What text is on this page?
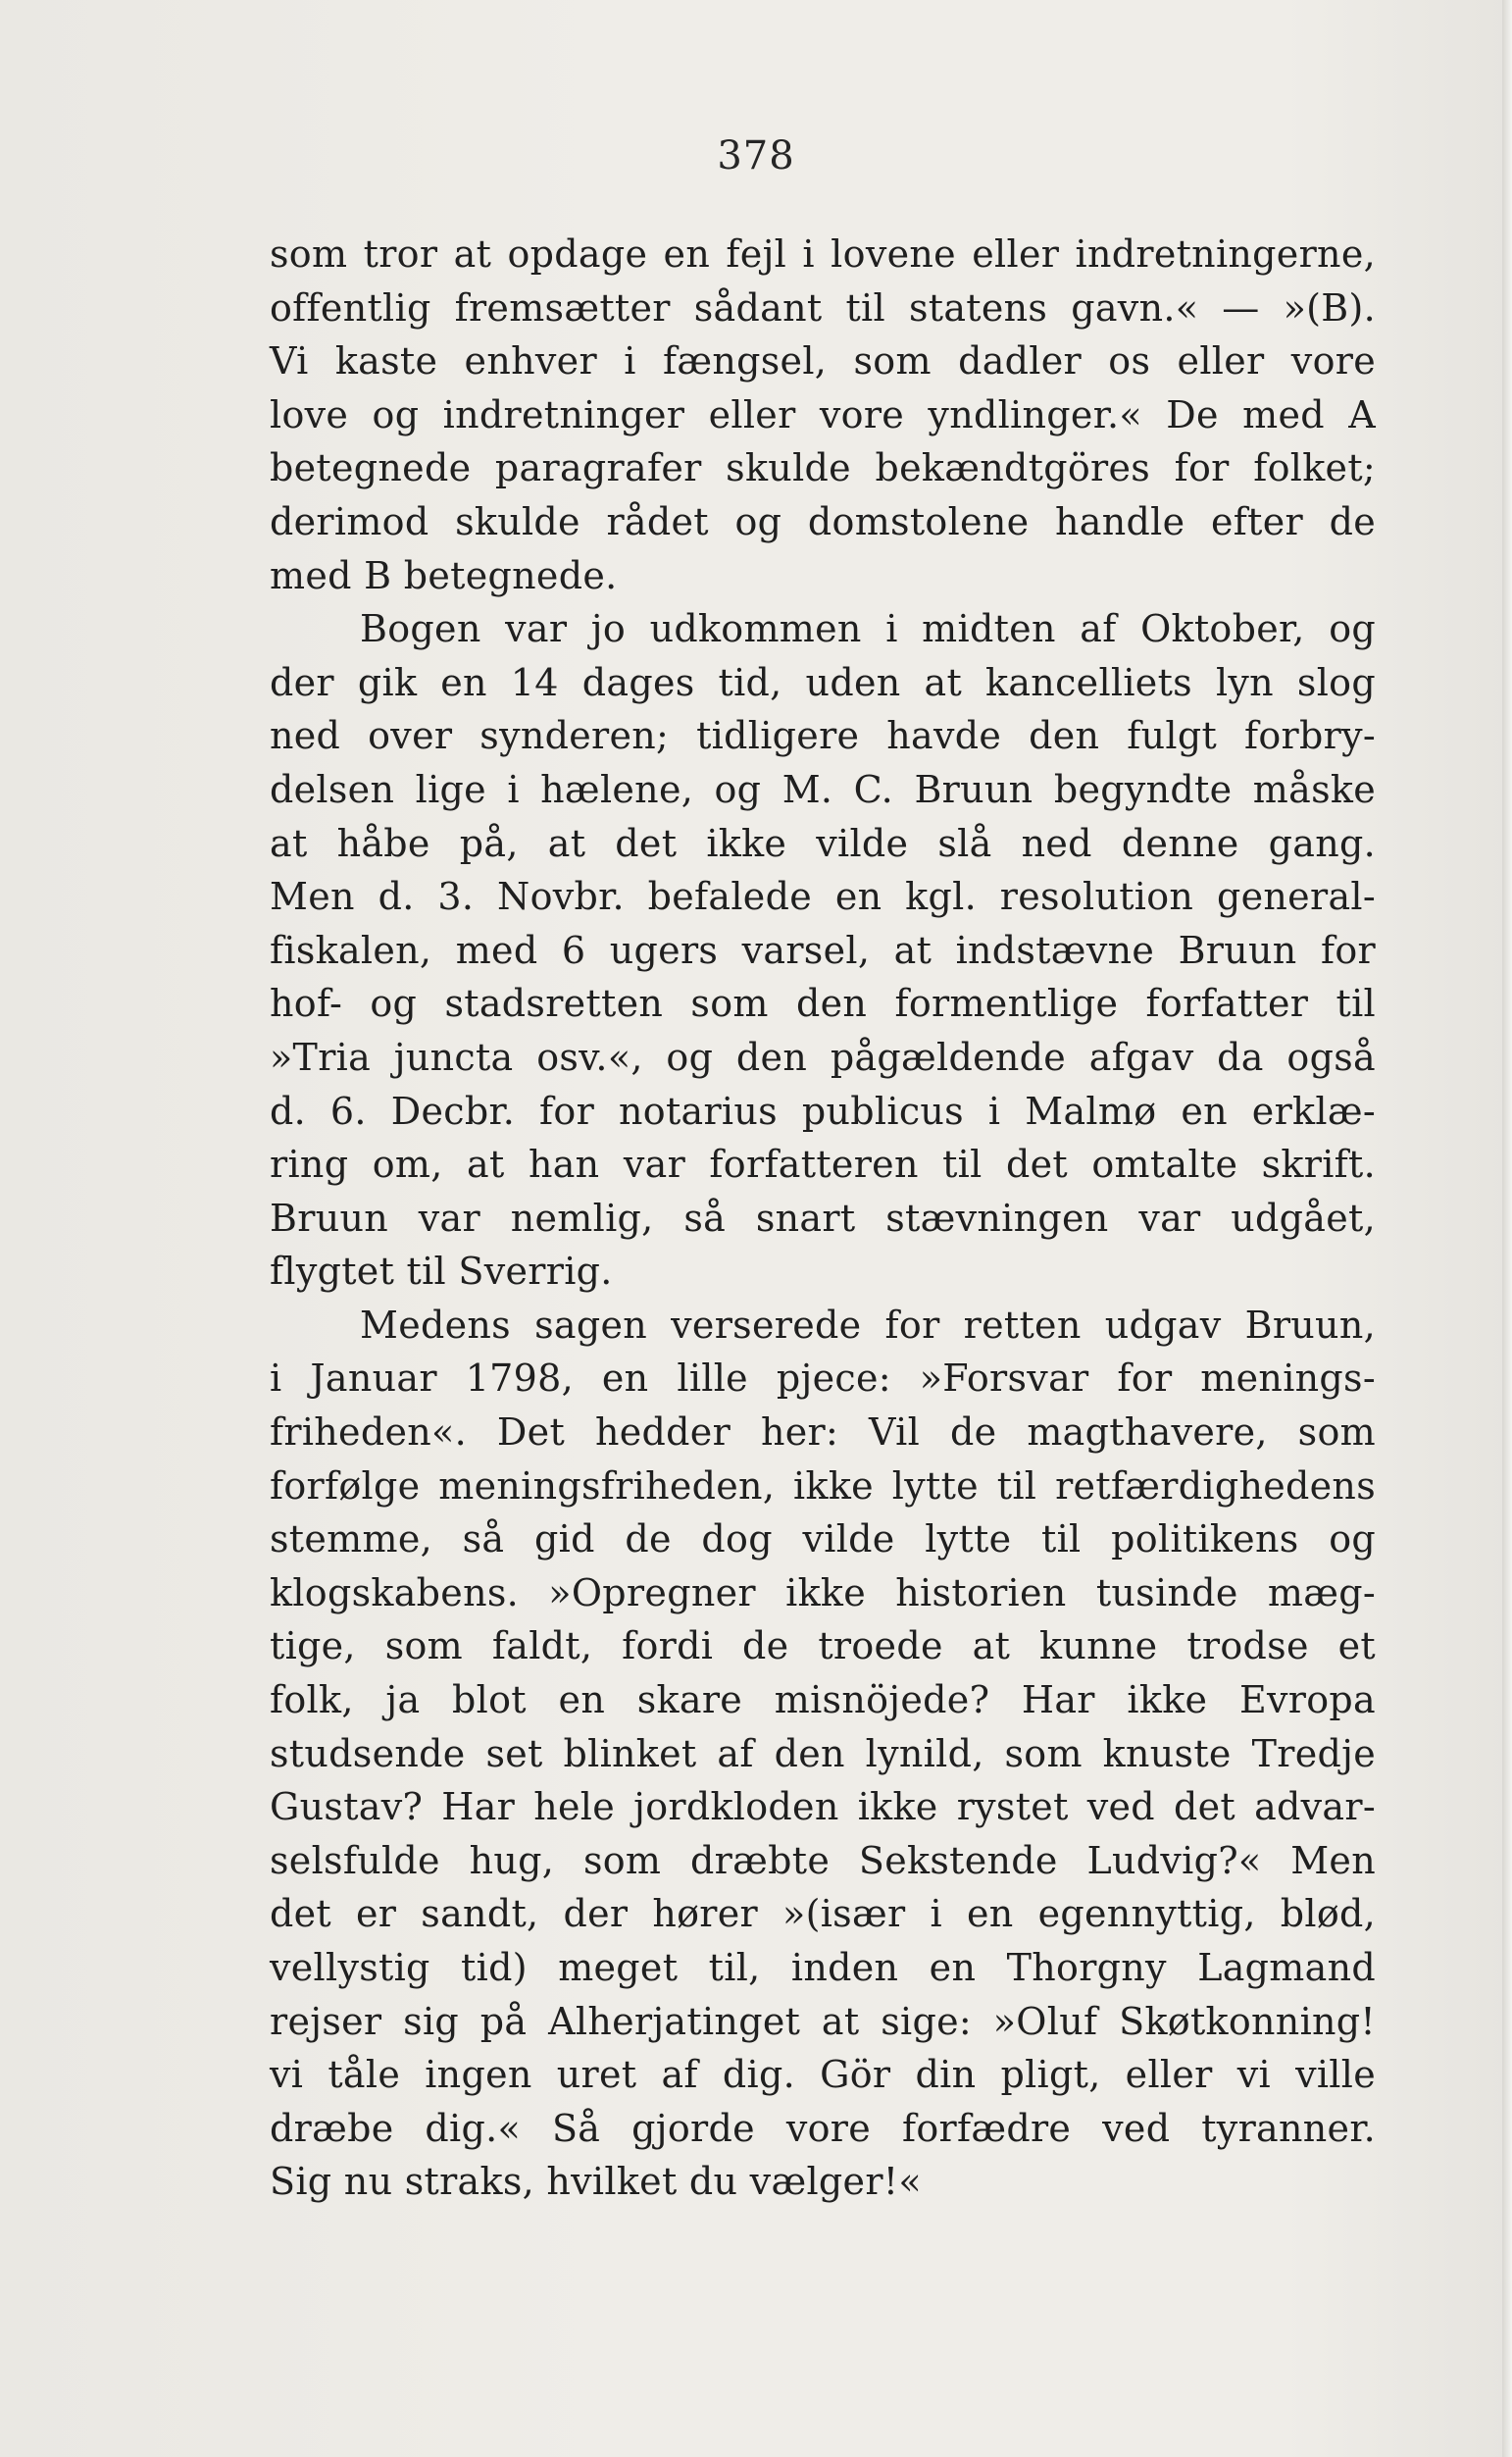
378
som tror at opdage en fejl i lovene eller indretningerne,
offentlig fremsætter sådant til statens gavn.« — »(B).
Vi kaste enhver i fængsel, som dadler os eller vore
love og indretninger eller vore yndlinger.« De med A
betegnede paragrafer skulde bekændtgöres for folket;
derimod skulde rådet og domstolene handle efter de
med B betegnede.
Bogen var jo udkommen i midten af Oktober, og
der gik en 14 dages tid, uden at kancelliets lyn slog
ned over synderen; tidligere havde den fulgt forbry-
delsen lige i hælene, og M. C. Bruun begyndte måske
at håbe på, at det ikke vilde slå ned denne gang.
Men d. 3. Novbr. befalede en kgl. resolution general-
fiskalen, med 6 ugers varsel, at indstævne Bruun for
hof- og stadsretten som den formentlige forfatter til
»Tria juncta osv.«, og den pågældende afgav da også
d. 6. Decbr. for notarius publicus i Malmø en erklæ-
ring om, at han var forfatteren til det omtalte skrift.
Bruun var nemlig, så snart stævningen var udgået,
flygtet til Sverrig.
Medens sagen verserede for retten udgav Bruun,
i Januar 1798, en lille pjece: »Forsvar for menings-
friheden«. Det hedder her: Vil de magthavere, som
forfølge meningsfriheden, ikke lytte til retfærdighedens
stemme, så gid de dog vilde lytte til politikens og
klogskabens. »Opregner ikke historien tusinde mæg-
tige, som faldt, fordi de troede at kunne trodse et
folk, ja blot en skare misnöjede? Har ikke Evropa
studsende set blinket af den lynild, som knuste Tredje
Gustav? Har hele jordkloden ikke rystet ved det advar-
selsfulde hug, som dræbte Sekstende Ludvig?« Men
det er sandt, der hører »(især i en egennyttig, blød,
vellystig tid) meget til, inden en Thorgny Lagmand
rejser sig på Alherjatinget at sige: »Oluf Skøtkonning!
vi tåle ingen uret af dig. Gör din pligt, eller vi ville
dræbe dig.« Så gjorde vore forfædre ved tyranner.
Sig nu straks, hvilket du vælger!«
